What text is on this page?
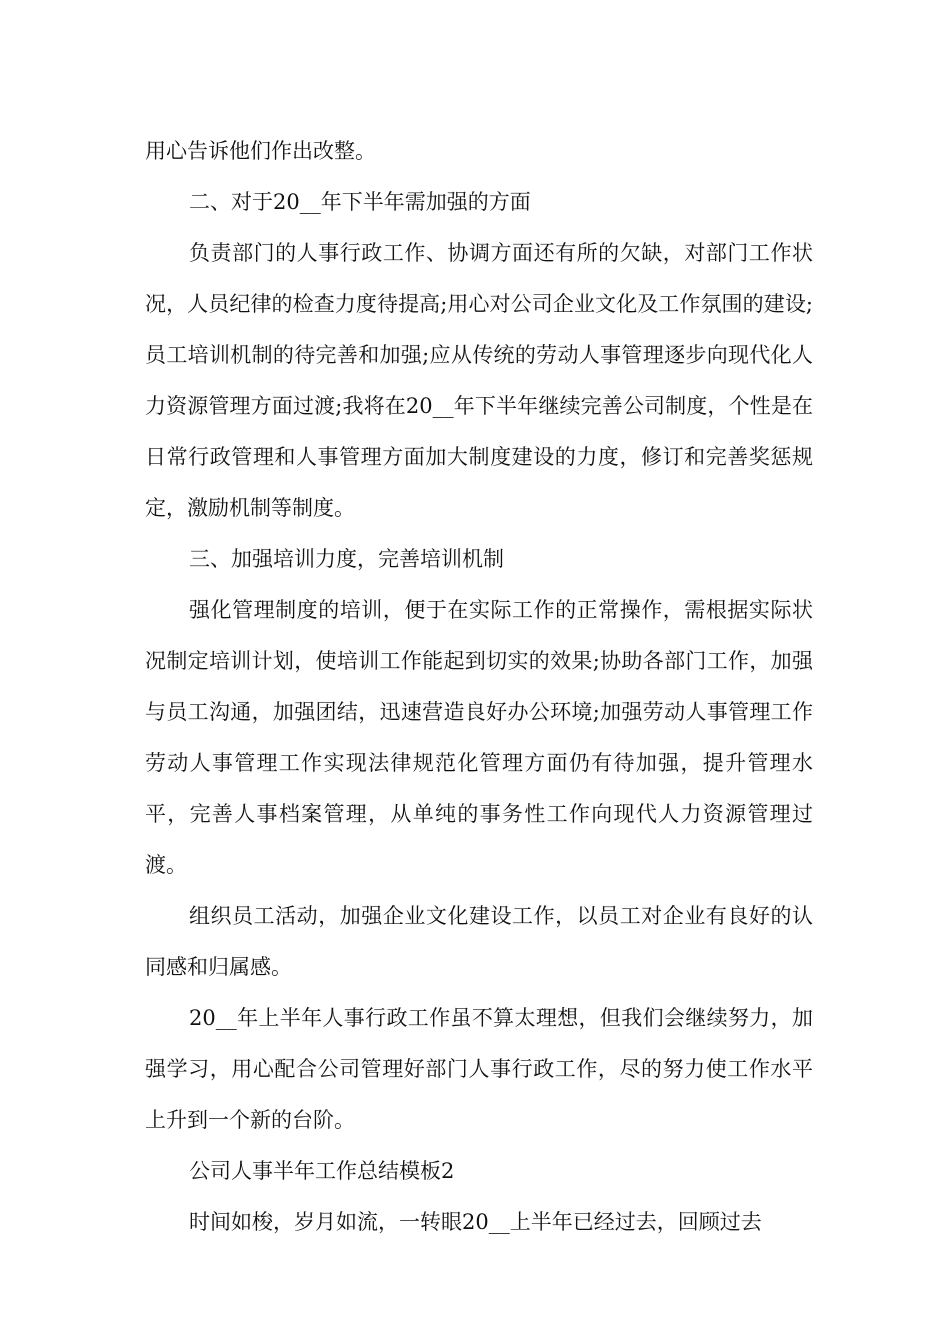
用心告诉他们作出改整。

二、对于20__年下半年需加强的方面

负责部门的人事行政工作、协调方面还有所的欠缺，对部门工作状况，人员纪律的检查力度待提高;用心对公司企业文化及工作氛围的建设;员工培训机制的待完善和加强;应从传统的劳动人事管理逐步向现代化人力资源管理方面过渡;我将在20__年下半年继续完善公司制度，个性是在日常行政管理和人事管理方面加大制度建设的力度，修订和完善奖惩规定，激励机制等制度。

三、加强培训力度，完善培训机制

强化管理制度的培训，便于在实际工作的正常操作，需根据实际状况制定培训计划，使培训工作能起到切实的效果;协助各部门工作，加强与员工沟通，加强团结，迅速营造良好办公环境;加强劳动人事管理工作劳动人事管理工作实现法律规范化管理方面仍有待加强，提升管理水平，完善人事档案管理，从单纯的事务性工作向现代人力资源管理过渡。

组织员工活动，加强企业文化建设工作，以员工对企业有良好的认同感和归属感。

20__年上半年人事行政工作虽不算太理想，但我们会继续努力，加强学习，用心配合公司管理好部门人事行政工作，尽的努力使工作水平上升到一个新的台阶。

公司人事半年工作总结模板2

时间如梭，岁月如流，一转眼20__上半年已经过去，回顾过去
